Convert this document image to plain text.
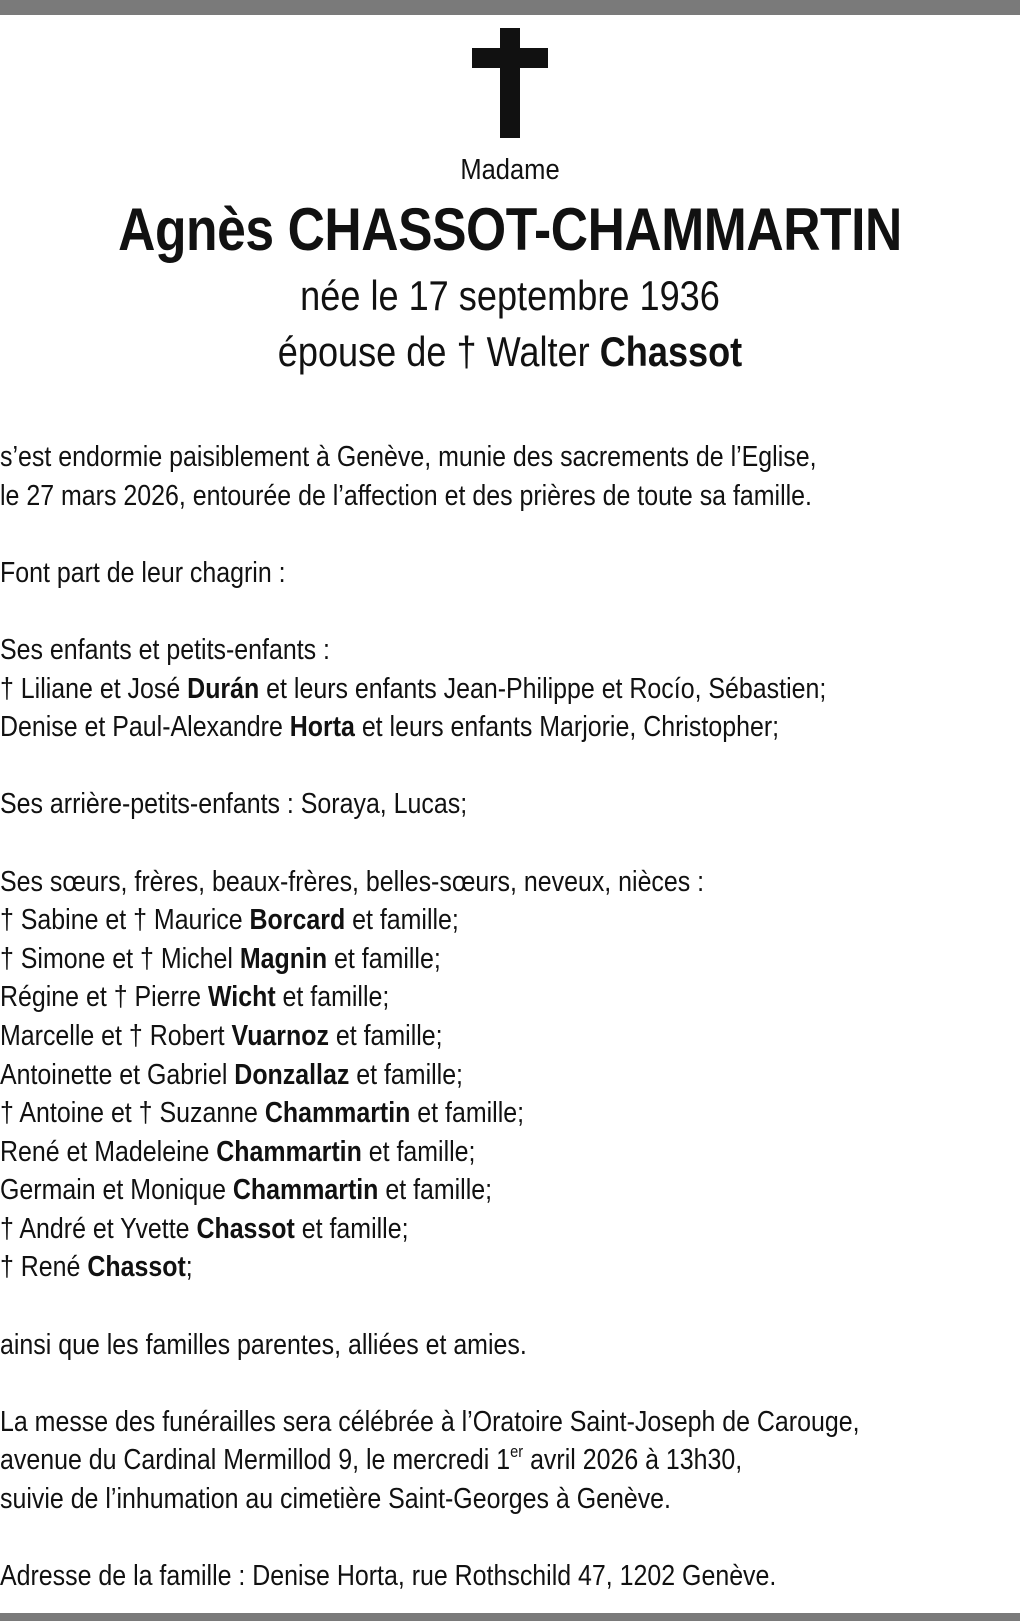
Madame
Agnès CHASSOT-CHAMMARTIN
née le 17 septembre 1936
épouse de † Walter Chassot
s’est endormie paisiblement à Genève, munie des sacrements de l’Eglise,
le 27 mars 2026, entourée de l’affection et des prières de toute sa famille.
Font part de leur chagrin :
Ses enfants et petits-enfants :
† Liliane et José Durán et leurs enfants Jean-Philippe et Rocío, Sébastien;
Denise et Paul-Alexandre Horta et leurs enfants Marjorie, Christopher;
Ses arrière-petits-enfants : Soraya, Lucas;
Ses sœurs, frères, beaux-frères, belles-sœurs, neveux, nièces :
† Sabine et † Maurice Borcard et famille;
† Simone et † Michel Magnin et famille;
Régine et † Pierre Wicht et famille;
Marcelle et † Robert Vuarnoz et famille;
Antoinette et Gabriel Donzallaz et famille;
† Antoine et † Suzanne Chammartin et famille;
René et Madeleine Chammartin et famille;
Germain et Monique Chammartin et famille;
† André et Yvette Chassot et famille;
† René Chassot;
ainsi que les familles parentes, alliées et amies.
La messe des funérailles sera célébrée à l’Oratoire Saint-Joseph de Carouge,
avenue du Cardinal Mermillod 9, le mercredi 1er avril 2026 à 13h30,
suivie de l’inhumation au cimetière Saint-Georges à Genève.
Adresse de la famille : Denise Horta, rue Rothschild 47, 1202 Genève.
